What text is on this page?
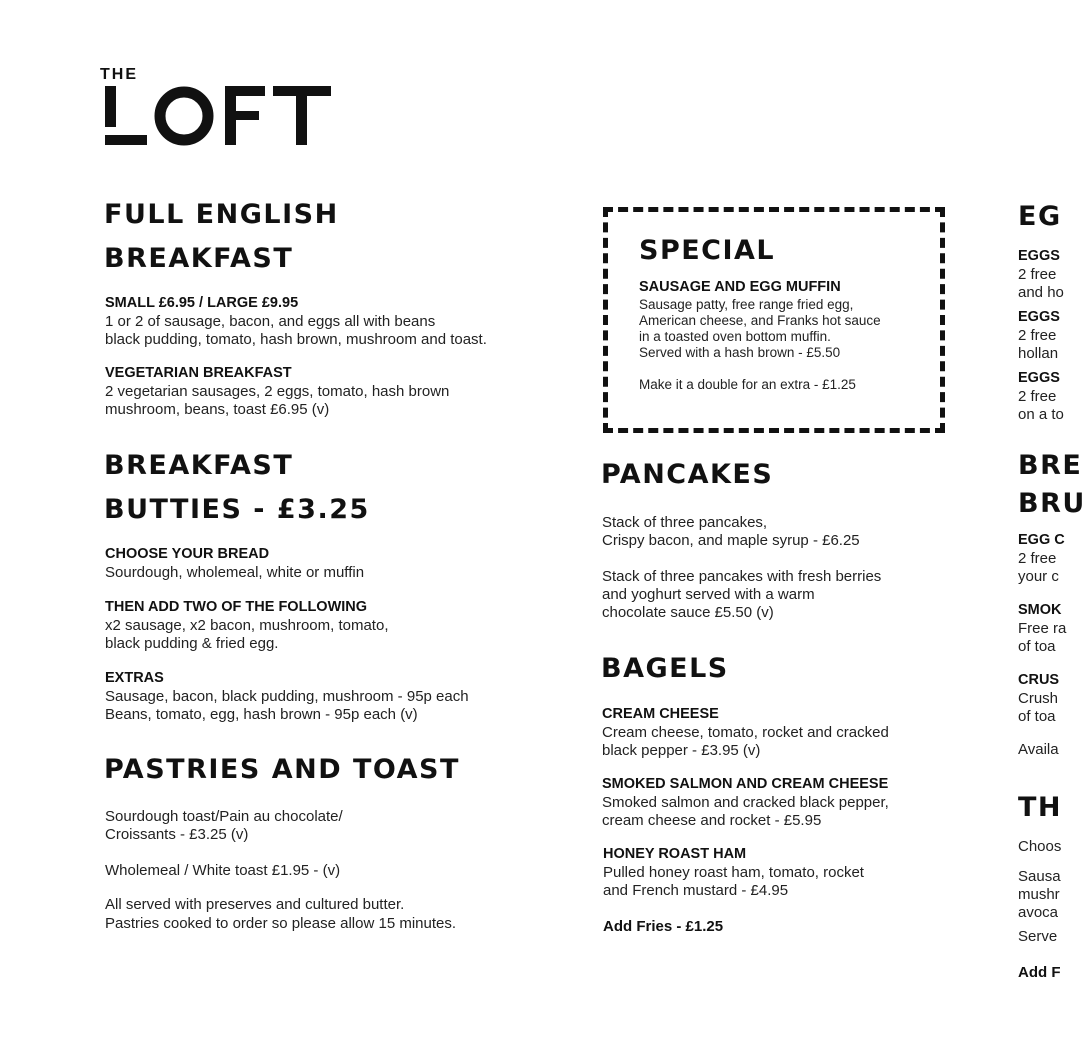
THE
FULL ENGLISH
BREAKFAST
SMALL £6.95 / LARGE £9.95
1 or 2 of sausage, bacon, and eggs all with beans
black pudding, tomato, hash brown, mushroom and toast.
VEGETARIAN BREAKFAST
2 vegetarian sausages, 2 eggs, tomato, hash brown
mushroom, beans, toast £6.95 (v)
BREAKFAST
BUTTIES - £3.25
CHOOSE YOUR BREAD
Sourdough, wholemeal, white or muffin
THEN ADD TWO OF THE FOLLOWING
x2 sausage, x2 bacon, mushroom, tomato,
black pudding & fried egg.
EXTRAS
Sausage, bacon, black pudding, mushroom - 95p each
Beans, tomato, egg, hash brown - 95p each (v)
PASTRIES AND TOAST
Sourdough toast/Pain au chocolate/
Croissants - £3.25 (v)
Wholemeal / White toast £1.95 - (v)
All served with preserves and cultured butter.
Pastries cooked to order so please allow 15 minutes.
SPECIAL
SAUSAGE AND EGG MUFFIN
Sausage patty, free range fried egg,
American cheese, and Franks hot sauce
in a toasted oven bottom muffin.
Served with a hash brown - £5.50
Make it a double for an extra - £1.25
PANCAKES
Stack of three pancakes,
Crispy bacon, and maple syrup - £6.25
Stack of three pancakes with fresh berries
and yoghurt served with a warm
chocolate sauce £5.50 (v)
BAGELS
CREAM CHEESE
Cream cheese, tomato, rocket and cracked
black pepper - £3.95 (v)
SMOKED SALMON AND CREAM CHEESE
Smoked salmon and cracked black pepper,
cream cheese and rocket - £5.95
HONEY ROAST HAM
Pulled honey roast ham, tomato, rocket
and French mustard - £4.95
Add Fries - £1.25
EG
EGGS
2 free
and ho
EGGS
2 free
hollan
EGGS
2 free
on a to
BRE
BRU
EGG C
2 free
your c
SMOK
Free ra
of toa
CRUS
Crush
of toa
Availa
TH
Choos
Sausa
mushr
avoca
Serve
Add F
